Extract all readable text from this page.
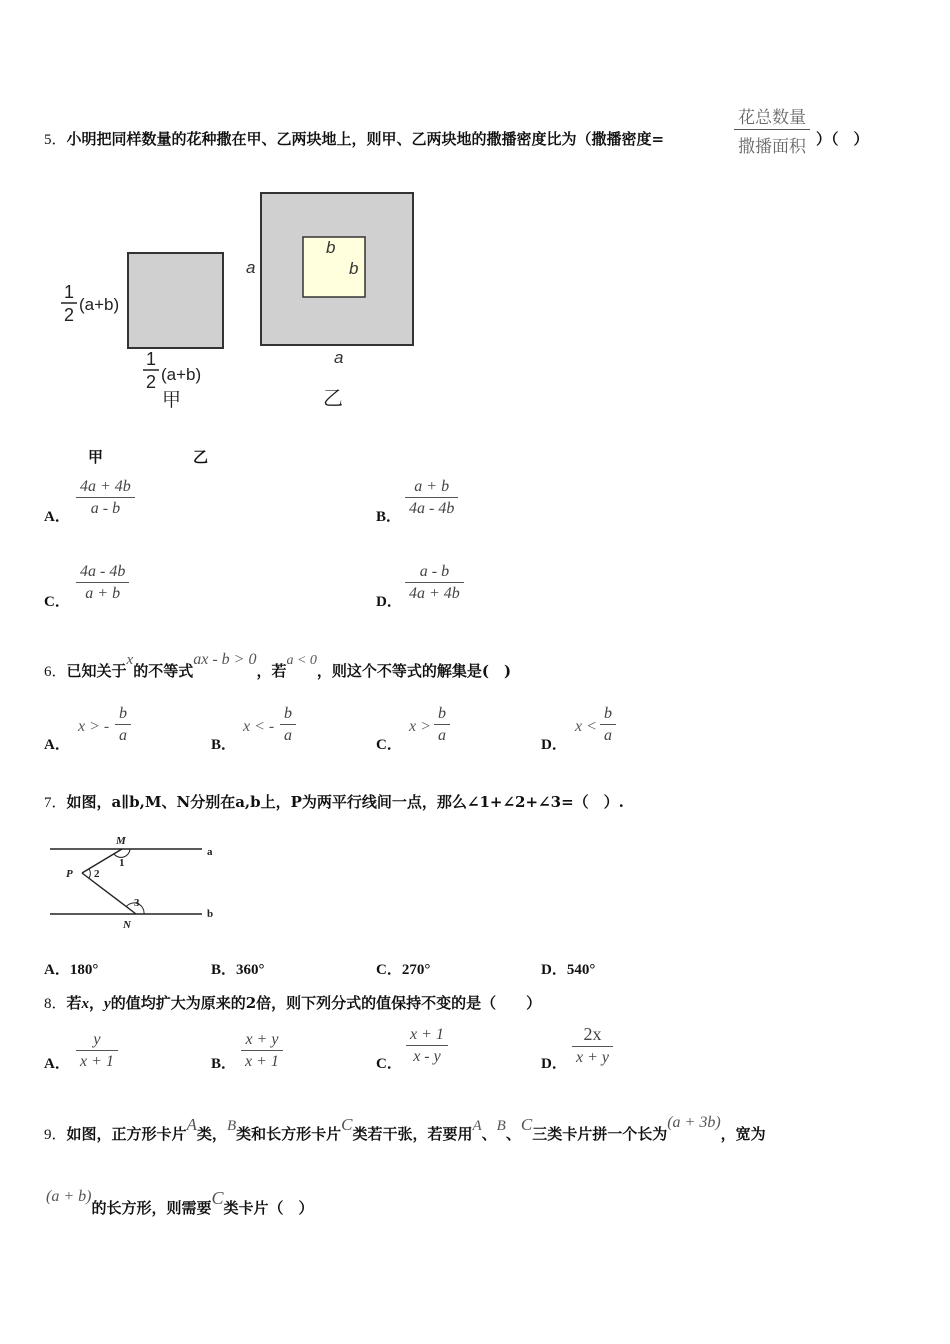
5．小明把同样数量的花种撒在甲、乙两块地上，则甲、乙两块地的撒播密度比为（撒播密度=
花总数量
撒播面积 ）（　）
1
2
(a+b)
1
2 (a+b)
甲
b
b
a
a
乙
甲	乙
A．
4a + 4b
a - b	B．
a + b
4a - 4b
C．
4a - 4b
a + b	D．
a - b
4a + 4b
6．已知关于x的不等式ax - b > 0，若a < 0，则这个不等式的解集是(　)
A．
x > -
b
a
B．
x < -
b
a
C．
x >
b
a
D．
x <
b
a
7．如图，a∥b,M、N分别在a,b上，P为两平行线间一点，那么∠1+∠2+∠3=（　）.
M
P
N
1
2
3
a
b
A．180°	B．360°	C．270°	D．540°
8．若x，y的值均扩大为原来的2倍，则下列分式的值保持不变的是（　　）
A．
y
x + 1	B．
x + y
x + 1	C．
x + 1
x - y	D．
2x
x + y
9．如图，正方形卡片A类，B类和长方形卡片C类若干张，若要用A、B、C三类卡片拼一个长为(a + 3b)，宽为
(a + b)的长方形，则需要C类卡片（　）
